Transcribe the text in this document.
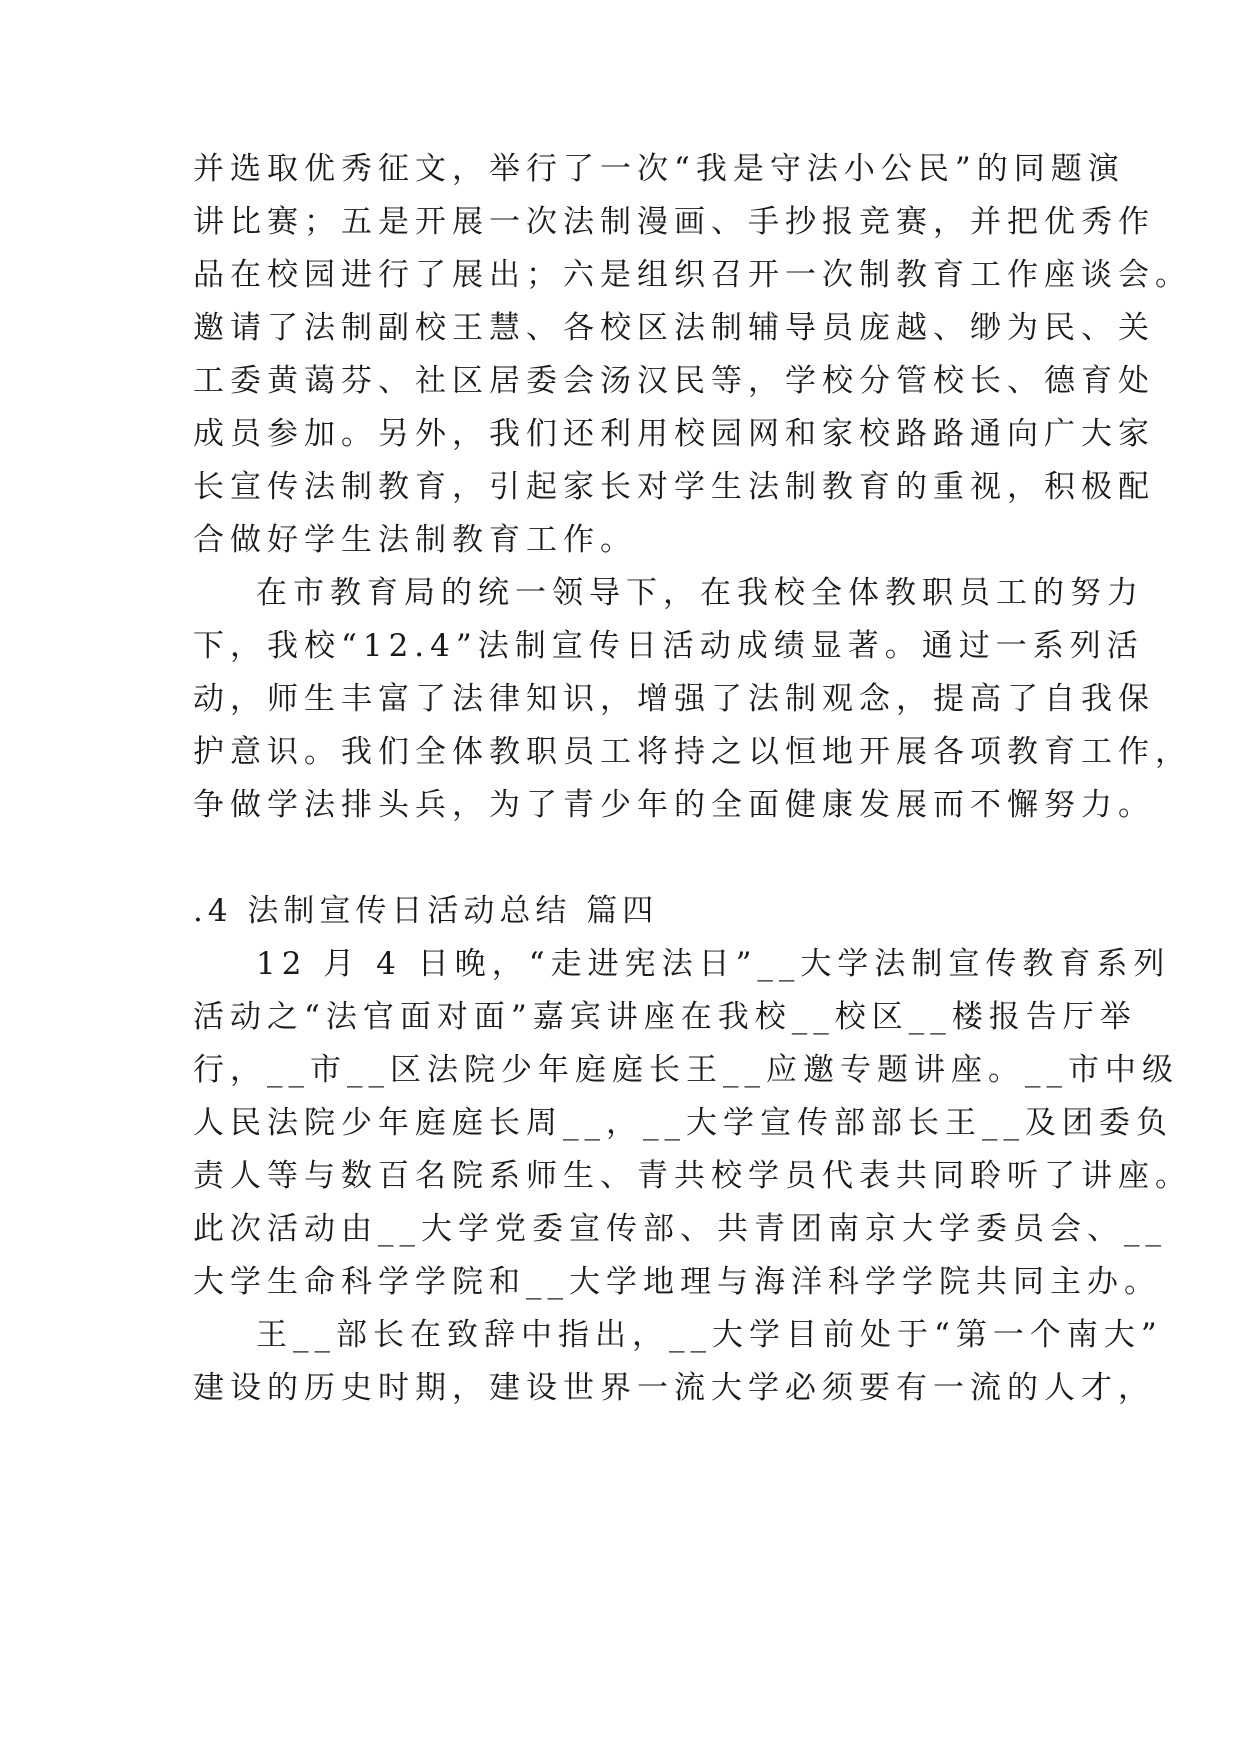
并选取优秀征文，举行了一次“我是守法小公民”的同题演
讲比赛；五是开展一次法制漫画、手抄报竞赛，并把优秀作
品在校园进行了展出；六是组织召开一次制教育工作座谈会。
邀请了法制副校王慧、各校区法制辅导员庞越、缈为民、关
工委黄蔼芬、社区居委会汤汉民等，学校分管校长、德育处
成员参加。另外，我们还利用校园网和家校路路通向广大家
长宣传法制教育，引起家长对学生法制教育的重视，积极配
合做好学生法制教育工作。
在市教育局的统一领导下，在我校全体教职员工的努力
下，我校“12.4”法制宣传日活动成绩显著。通过一系列活
动，师生丰富了法律知识，增强了法制观念，提高了自我保
护意识。我们全体教职员工将持之以恒地开展各项教育工作，
争做学法排头兵，为了青少年的全面健康发展而不懈努力。
.4 法制宣传日活动总结 篇四
12 月 4 日晚，“走进宪法日”__大学法制宣传教育系列
活动之“法官面对面”嘉宾讲座在我校__校区__楼报告厅举
行，__市__区法院少年庭庭长王__应邀专题讲座。__市中级
人民法院少年庭庭长周__，__大学宣传部部长王__及团委负
责人等与数百名院系师生、青共校学员代表共同聆听了讲座。
此次活动由__大学党委宣传部、共青团南京大学委员会、__
大学生命科学学院和__大学地理与海洋科学学院共同主办。
王__部长在致辞中指出，__大学目前处于“第一个南大”
建设的历史时期，建设世界一流大学必须要有一流的人才，
